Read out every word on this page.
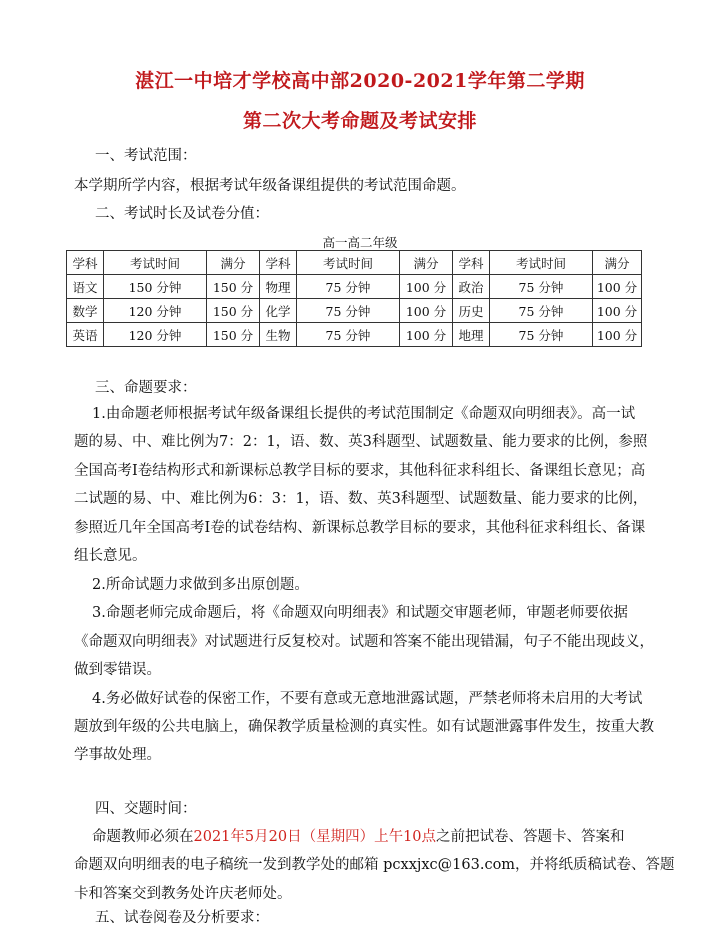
湛江一中培才学校高中部2020-2021学年第二学期
第二次大考命题及考试安排
一、考试范围：
本学期所学内容，根据考试年级备课组提供的考试范围命题。
二、考试时长及试卷分值：
高一高二年级
学科	考试时间	满分	学科	考试时间	满分	学科	考试时间	满分
语文	150 分钟	150 分	物理	75 分钟	100 分	政治	75 分钟	100 分
数学	120 分钟	150 分	化学	75 分钟	100 分	历史	75 分钟	100 分
英语	120 分钟	150 分	生物	75 分钟	100 分	地理	75 分钟	100 分
三、命题要求：
1.由命题老师根据考试年级备课组长提供的考试范围制定《命题双向明细表》。高一试
题的易、中、难比例为7：2：1，语、数、英3科题型、试题数量、能力要求的比例，参照
全国高考Ⅰ卷结构形式和新课标总教学目标的要求，其他科征求科组长、备课组长意见；高
二试题的易、中、难比例为6：3：1，语、数、英3科题型、试题数量、能力要求的比例，
参照近几年全国高考Ⅰ卷的试卷结构、新课标总教学目标的要求，其他科征求科组长、备课
组长意见。
2.所命试题力求做到多出原创题。
3.命题老师完成命题后，将《命题双向明细表》和试题交审题老师，审题老师要依据
《命题双向明细表》对试题进行反复校对。试题和答案不能出现错漏，句子不能出现歧义，
做到零错误。
4.务必做好试卷的保密工作，不要有意或无意地泄露试题，严禁老师将未启用的大考试
题放到年级的公共电脑上，确保教学质量检测的真实性。如有试题泄露事件发生，按重大教
学事故处理。
四、交题时间：
命题教师必须在2021年5月20日（星期四）上午10点之前把试卷、答题卡、答案和
命题双向明细表的电子稿统一发到教学处的邮箱 pcxxjxc@163.com，并将纸质稿试卷、答题
卡和答案交到教务处许庆老师处。
五、试卷阅卷及分析要求：
